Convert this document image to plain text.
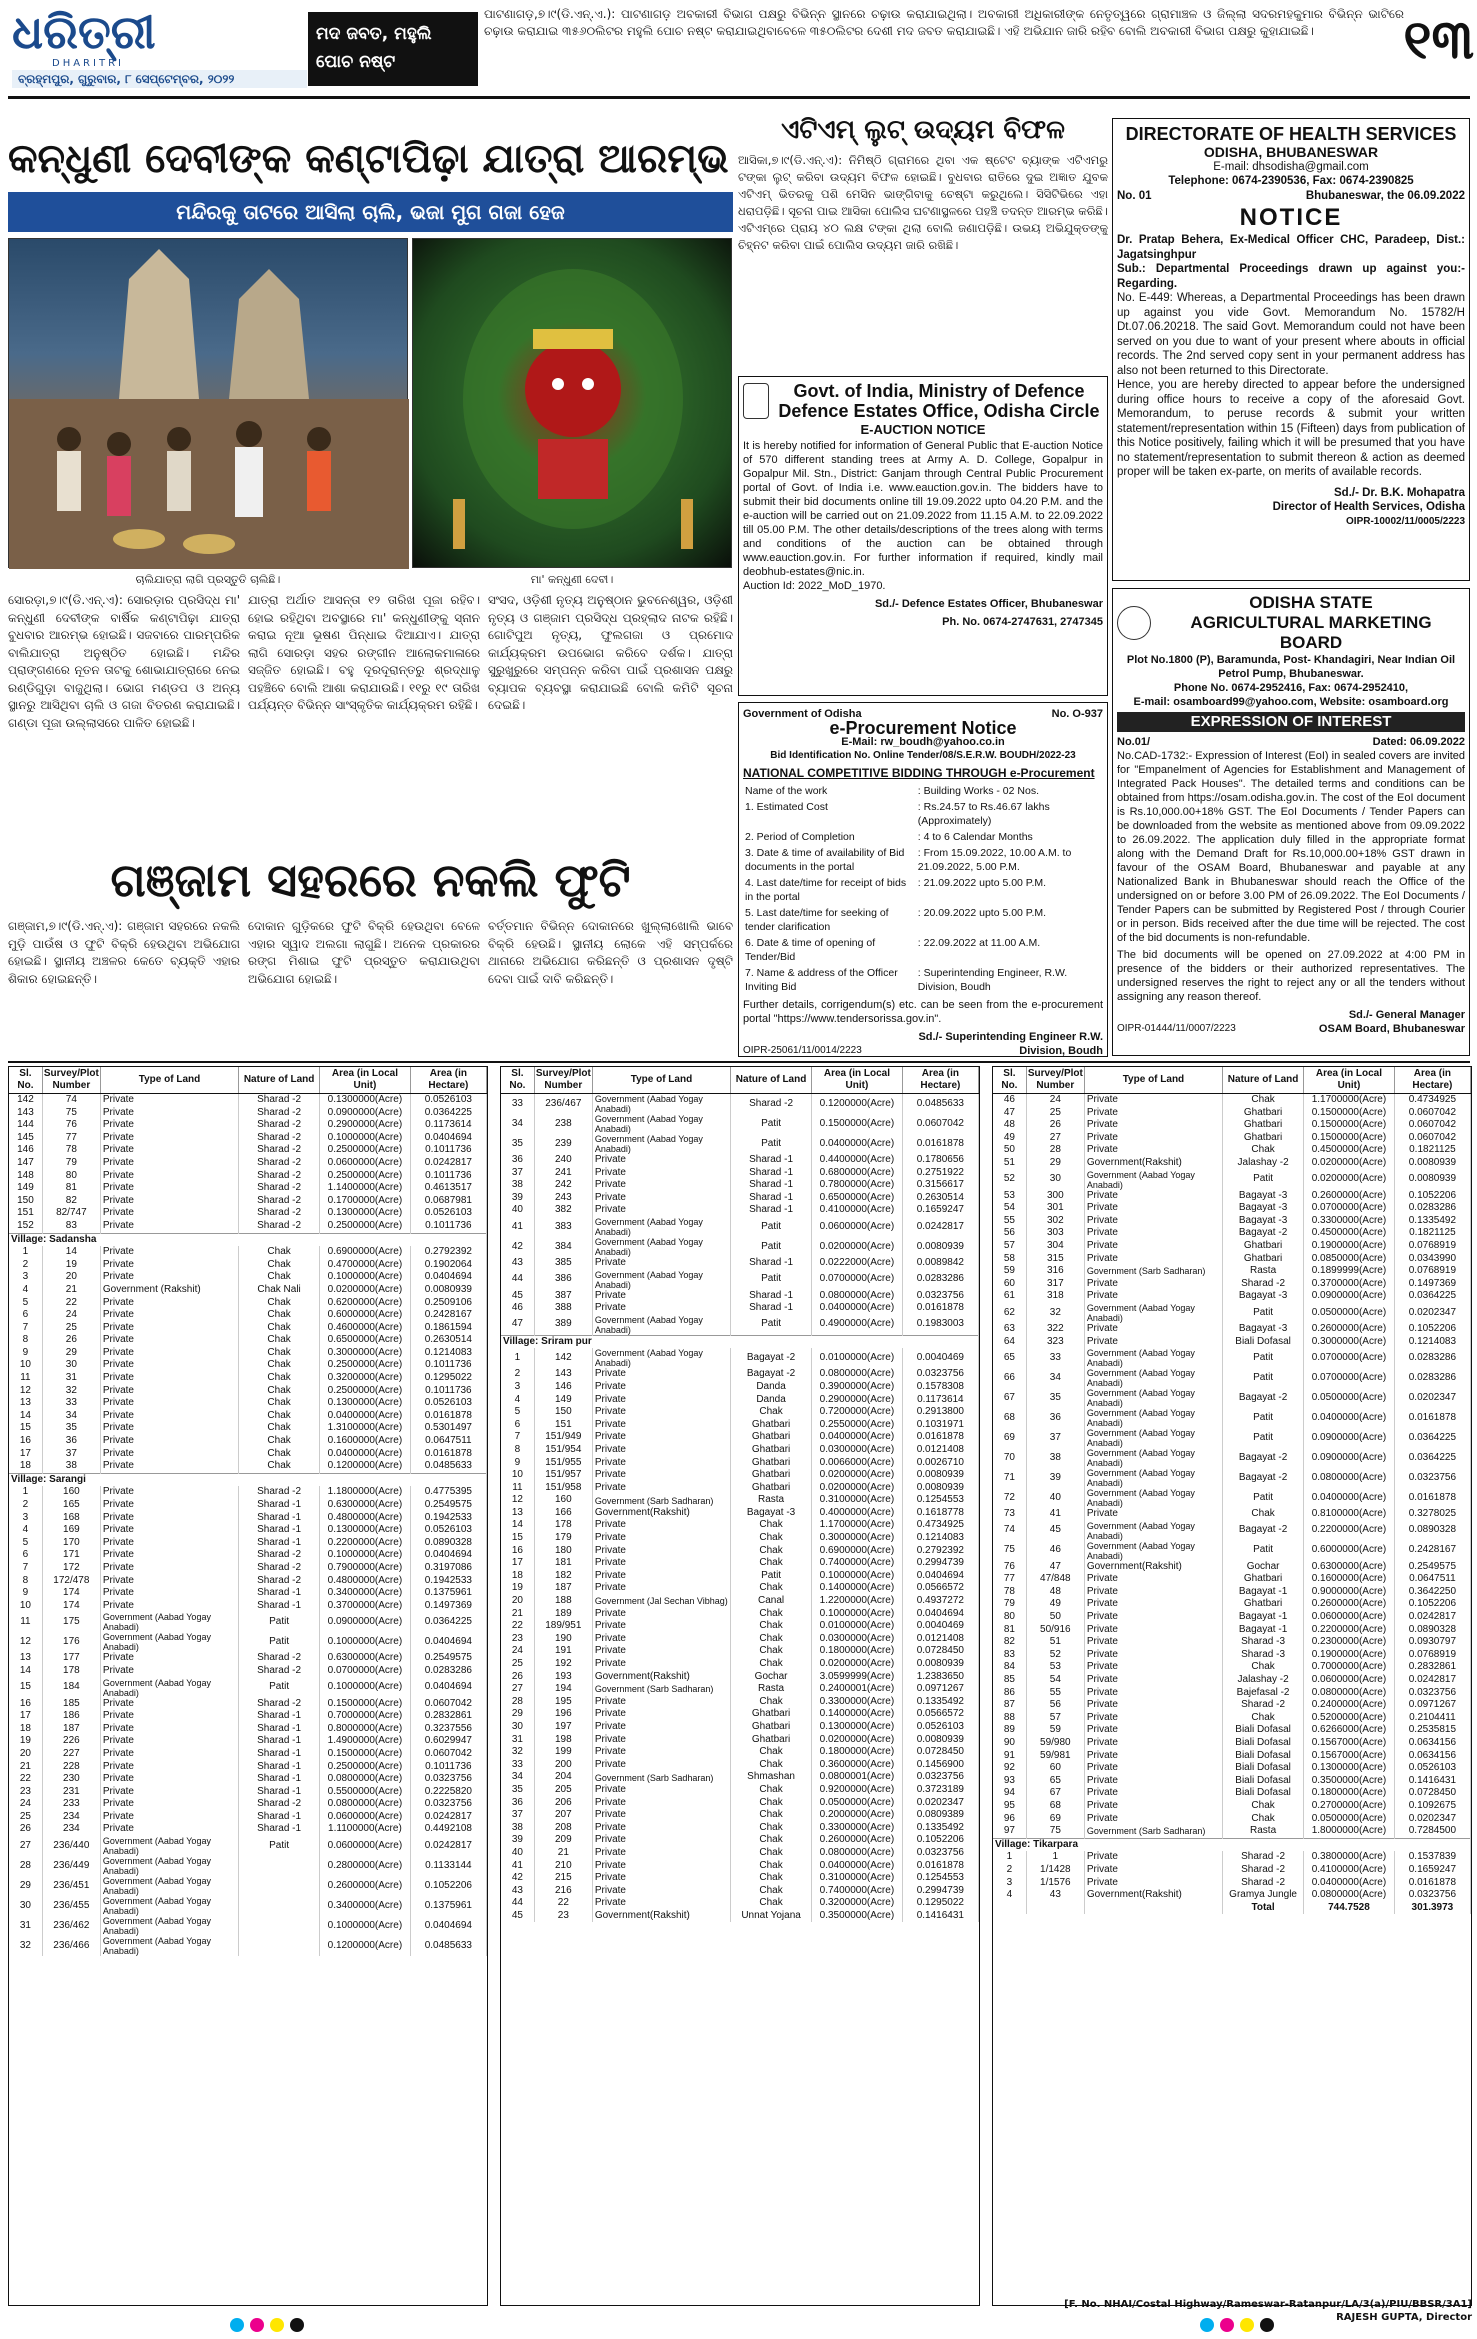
ଧରିତ୍ରୀ
DHARITRI
ବ୍ରହ୍ମପୁର, ଗୁରୁବାର, ୮ ସେପ୍ଟେମ୍ବର, ୨୦୨୨
ମଦ ଜବତ, ମହୁଲି ପୋଚ ନଷ୍ଟ
ପାଟଣାଗଡ଼,୭।୯(ଡି.ଏନ୍.ଏ.): ପାଟଣାଗଡ଼ ଅବକାରୀ ବିଭାଗ ପକ୍ଷରୁ ବିଭିନ୍ନ ସ୍ଥାନରେ ଚଢ଼ାଉ କରାଯାଇଥିଲା। ଅବକାରୀ ଅଧିକାରୀଙ୍କ ନେତୃତ୍ୱରେ ଗ୍ରାମାଞ୍ଚଳ ଓ ଜିଲ୍ଲା ସଦରମହକୁମାର ବିଭିନ୍ନ ଭାଟିରେ ଚଢ଼ାଉ କରାଯାଇ ୩୫୬୦ଲିଟର ମହୁଲି ପୋଚ ନଷ୍ଟ କରାଯାଇଥିବାବେଳେ ୩୫୦ଲିଟର ଦେଶୀ ମଦ ଜବତ କରାଯାଇଛି। ଏହି ଅଭିଯାନ ଜାରି ରହିବ ବୋଲି ଅବକାରୀ ବିଭାଗ ପକ୍ଷରୁ କୁହାଯାଇଛି।	୧୩
କନ୍ଧୁଣୀ ଦେବୀଙ୍କ କଣ୍ଟାପିଢ଼ା ଯାତ୍ରା ଆରମ୍ଭ
ମନ୍ଦିରକୁ ତାଟରେ ଆସିଲା ଚାଲି, ଭଜା ମୁଗ ଗଜା ହେଜ
ଚାଲିଯାତ୍ରା ଲାଗି ପ୍ରସ୍ତୁତି ଚାଲିଛି।	ମା' କନ୍ଧୁଣୀ ଦେବୀ।
ସୋରଡ଼ା,୭।୯(ଡି.ଏନ୍.ଏ): ସୋରଡ଼ାର ପ୍ରସିଦ୍ଧ ମା' କନ୍ଧୁଣୀ ଦେବୀଙ୍କ ବାର୍ଷିକ କଣ୍ଟାପିଢ଼ା ଯାତ୍ରା ବୁଧବାର ଆରମ୍ଭ ହୋଇଛି। ସଜବାରେ ପାରମ୍ପରିକ ବାଲିଯାତ୍ରା ଅନୁଷ୍ଠିତ ହୋଇଛି। ମନ୍ଦିର ପ୍ରାଙ୍ଗଣରେ ନୂତନ ତାଟକୁ ଶୋଭାଯାତ୍ରାରେ ନେଇ ରଣ୍ଡିଗୁଡ଼ା ବାଜୁଥିଲା। ଭୋଗ ମଣ୍ଡପ ଓ ଅନ୍ୟ ସ୍ଥାନରୁ ଆସିଥିବା ଚାଲି ଓ ଗଜା ବିତରଣ କରାଯାଇଛି। ଗଣ୍ଡା ପୂଜା ଉଲ୍ଲାସରେ ପାଳିତ ହୋଇଛି।
ଯାତ୍ରା ଅର୍ଥାତ ଆସନ୍ତା ୧୨ ତାରିଖ ପୂଜା ରହିବ। ହୋଇ ରହିଥିବା ଅବସ୍ଥାରେ ମା' କନ୍ଧୁଣୀଙ୍କୁ ସ୍ନାନ କରାଇ ନୂଆ ଭୂଷଣ ପିନ୍ଧାଇ ଦିଆଯାଏ। ଯାତ୍ରା ଲାଗି ସୋରଡ଼ା ସହର ରଙ୍ଗୀନ ଆଲୋକମାଳାରେ ସଜ୍ଜିତ ହୋଇଛି। ବହୁ ଦୂରଦୂରାନ୍ତରୁ ଶ୍ରଦ୍ଧାଳୁ ପହଞ୍ଚିବେ ବୋଲି ଆଶା କରାଯାଉଛି। ୧୧ରୁ ୧୯ ତାରିଖ ପର୍ଯ୍ୟନ୍ତ ବିଭିନ୍ନ ସାଂସ୍କୃତିକ କାର୍ଯ୍ୟକ୍ରମ ରହିଛି।
ସଂସଦ, ଓଡ଼ିଶୀ ନୃତ୍ୟ ଅନୁଷ୍ଠାନ ଭୁବନେଶ୍ୱର, ଓଡ଼ିଶୀ ନୃତ୍ୟ ଓ ଗଞ୍ଜାମ ପ୍ରସିଦ୍ଧ ପ୍ରହ୍ଲାଦ ନାଟକ ରହିଛି। ଗୋଟିପୁଅ ନୃତ୍ୟ, ଫୁଲଗଜା ଓ ପ୍ରମୋଦ କାର୍ଯ୍ୟକ୍ରମ ଉପଭୋଗ କରିବେ ଦର୍ଶକ। ଯାତ୍ରା ସୁରୁଖୁରୁରେ ସମ୍ପନ୍ନ କରିବା ପାଇଁ ପ୍ରଶାସନ ପକ୍ଷରୁ ବ୍ୟାପକ ବ୍ୟବସ୍ଥା କରାଯାଇଛି ବୋଲି କମିଟି ସୂଚନା ଦେଇଛି।
ଗଞ୍ଜାମ ସହରରେ ନକଲି ଫୁଟି
ଗଞ୍ଜାମ,୭।୯(ଡି.ଏନ୍.ଏ): ଗଞ୍ଜାମ ସହରରେ ନକଲି ମୁଡ଼ି ପାଉଁଷ ଓ ଫୁଟି ବିକ୍ରି ହେଉଥିବା ଅଭିଯୋଗ ହୋଇଛି। ସ୍ଥାନୀୟ ଅଞ୍ଚଳର କେତେ ବ୍ୟକ୍ତି ଏହାର ଶିକାର ହୋଇଛନ୍ତି।
ଦୋକାନ ଗୁଡ଼ିକରେ ଫୁଟି ବିକ୍ରି ହେଉଥିବା ବେଳେ ଏହାର ସ୍ୱାଦ ଅଲଗା ଲାଗୁଛି। ଅନେକ ପ୍ରକାରର ରଙ୍ଗ ମିଶାଇ ଫୁଟି ପ୍ରସ୍ତୁତ କରାଯାଉଥିବା ଅଭିଯୋଗ ହୋଇଛି।
ବର୍ତ୍ତମାନ ବିଭିନ୍ନ ଦୋକାନରେ ଖୁଲ୍ଲାଖୋଲି ଭାବେ ବିକ୍ରି ହେଉଛି। ସ୍ଥାନୀୟ ଲୋକେ ଏହି ସମ୍ପର୍କରେ ଥାନାରେ ଅଭିଯୋଗ କରିଛନ୍ତି ଓ ପ୍ରଶାସନ ଦୃଷ୍ଟି ଦେବା ପାଇଁ ଦାବି କରିଛନ୍ତି।
ଏଟିଏମ୍ ଲୁଟ୍ ଉଦ୍ୟମ ବିଫଳ
ଆସିକା,୭।୯(ଡି.ଏନ୍.ଏ): ନିମିଷ୍ଠି ଗ୍ରାମରେ ଥିବା ଏକ ଷ୍ଟେଟ ବ୍ୟାଙ୍କ ଏଟିଏମରୁ ଟଙ୍କା ଲୁଟ୍ କରିବା ଉଦ୍ୟମ ବିଫଳ ହୋଇଛି। ବୁଧବାର ରାତିରେ ଦୁଇ ଅଜ୍ଞାତ ଯୁବକ ଏଟିଏମ୍ ଭିତରକୁ ପଶି ମେସିନ ଭାଙ୍ଗିବାକୁ ଚେଷ୍ଟା କରୁଥିଲେ। ସିସିଟିଭିରେ ଏହା ଧରାପଡ଼ିଛି। ସୂଚନା ପାଇ ଆସିକା ପୋଲିସ ଘଟଣାସ୍ଥଳରେ ପହଞ୍ଚି ତଦନ୍ତ ଆରମ୍ଭ କରିଛି। ଏଟିଏମ୍‌ରେ ପ୍ରାୟ ୪୦ ଲକ୍ଷ ଟଙ୍କା ଥିଲା ବୋଲି ଜଣାପଡ଼ିଛି। ଉଭୟ ଅଭିଯୁକ୍ତଙ୍କୁ ଚିହ୍ନଟ କରିବା ପାଇଁ ପୋଲିସ ଉଦ୍ୟମ ଜାରି ରଖିଛି।
Govt. of India, Ministry of Defence
Defence Estates Office, Odisha Circle
E-AUCTION NOTICE

It is hereby notified for information of General Public that E-auction Notice of 570 different standing trees at Army A. D. College, Gopalpur in Gopalpur Mil. Stn., District: Ganjam through Central Public Procurement portal of Govt. of India i.e. www.eauction.gov.in. The bidders have to submit their bid documents online till 19.09.2022 upto 04.20 P.M. and the e-auction will be carried out on 21.09.2022 from 11.15 A.M. to 22.09.2022 till 05.00 P.M. The other details/descriptions of the trees along with terms and conditions of the auction can be obtained through www.eauction.gov.in. For further information if required, kindly mail deobhub-estates@nic.in.

Auction Id: 2022_MoD_1970.

Sd./- Defence Estates Officer, Bhubaneswar
Ph. No. 0674-2747631, 2747345
Government of Odisha	No. O-937
e-Procurement Notice
E-Mail: rw_boudh@yahoo.co.in
Bid Identification No. Online Tender/08/S.E.R.W. BOUDH/2022-23
NATIONAL COMPETITIVE BIDDING THROUGH e-Procurement
Name of the work	: Building Works - 02 Nos.
1. Estimated Cost	: Rs.24.57 to Rs.46.67 lakhs (Approximately)
2. Period of Completion	: 4 to 6 Calendar Months
3. Date & time of availability of Bid documents in the portal	: From 15.09.2022, 10.00 A.M. to 21.09.2022, 5.00 P.M.
4. Last date/time for receipt of bids in the portal	: 21.09.2022 upto 5.00 P.M.
5. Last date/time for seeking of tender clarification	: 20.09.2022 upto 5.00 P.M.
6. Date & time of opening of Tender/Bid	: 22.09.2022 at 11.00 A.M.
7. Name & address of the Officer Inviting Bid	: Superintending Engineer, R.W. Division, Boudh

Further details, corrigendum(s) etc. can be seen from the e-procurement portal "https://www.tendersorissa.gov.in".

OIPR-25061/11/0014/2223
Sd./- Superintending Engineer R.W. Division, Boudh
DIRECTORATE OF HEALTH SERVICES
ODISHA, BHUBANESWAR
E-mail: dhsodisha@gmail.com
Telephone: 0674-2390536, Fax: 0674-2390825
No. 01	Bhubaneswar, the 06.09.2022
NOTICE

Dr. Pratap Behera, Ex-Medical Officer CHC, Paradeep, Dist.: Jagatsinghpur

Sub.: Departmental Proceedings drawn up against you:- Regarding.

No. E-449: Whereas, a Departmental Proceedings has been drawn up against you vide Govt. Memorandum No. 15782/H Dt.07.06.20218. The said Govt. Memorandum could not have been served on you due to want of your present where abouts in official records. The 2nd served copy sent in your permanent address has also not been returned to this Directorate.

Hence, you are hereby directed to appear before the undersigned during office hours to receive a copy of the aforesaid Govt. Memorandum, to peruse records & submit your written statement/representation within 15 (Fifteen) days from publication of this Notice positively, failing which it will be presumed that you have no statement/representation to submit thereon & action as deemed proper will be taken ex-parte, on merits of available records.

Sd./- Dr. B.K. Mohapatra
Director of Health Services, Odisha
OIPR-10002/11/0005/2223
ODISHA STATE
AGRICULTURAL MARKETING BOARD
Plot No.1800 (P), Baramunda, Post- Khandagiri, Near Indian Oil Petrol Pump, Bhubaneswar.
Phone No. 0674-2952416, Fax: 0674-2952410,
E-mail: osamboard99@yahoo.com, Website: osamboard.org
EXPRESSION OF INTEREST
No.01/	Dated: 06.09.2022

No.CAD-1732:- Expression of Interest (EoI) in sealed covers are invited for "Empanelment of Agencies for Establishment and Management of Integrated Pack Houses". The detailed terms and conditions can be obtained from https://osam.odisha.gov.in. The cost of the EoI document is Rs.10,000.00+18% GST. The EoI Documents / Tender Papers can be downloaded from the website as mentioned above from 09.09.2022 to 26.09.2022. The application duly filled in the appropriate format along with the Demand Draft for Rs.10,000.00+18% GST drawn in favour of the OSAM Board, Bhubaneswar and payable at any Nationalized Bank in Bhubaneswar should reach the Office of the undersigned on or before 3.00 PM of 26.09.2022. The EoI Documents / Tender Papers can be submitted by Registered Post / through Courier or in person. Bids received after the due time will be rejected. The cost of the bid documents is non-refundable.

The bid documents will be opened on 27.09.2022 at 4:00 PM in presence of the bidders or their authorized representatives. The undersigned reserves the right to reject any or all the tenders without assigning any reason thereof.

Sd./- General Manager
OIPR-01444/11/0007/2223	OSAM Board, Bhubaneswar
Sl. No.	Survey/Plot Number	Type of Land	Nature of Land	Area (in Local Unit)	Area (in Hectare)
142	74	Private	Sharad -2	0.1300000(Acre)	0.0526103
143	75	Private	Sharad -2	0.0900000(Acre)	0.0364225
144	76	Private	Sharad -2	0.2900000(Acre)	0.1173614
145	77	Private	Sharad -2	0.1000000(Acre)	0.0404694
146	78	Private	Sharad -2	0.2500000(Acre)	0.1011736
147	79	Private	Sharad -2	0.0600000(Acre)	0.0242817
148	80	Private	Sharad -2	0.2500000(Acre)	0.1011736
149	81	Private	Sharad -2	1.1400000(Acre)	0.4613517
150	82	Private	Sharad -2	0.1700000(Acre)	0.0687981
151	82/747	Private	Sharad -2	0.1300000(Acre)	0.0526103
152	83	Private	Sharad -2	0.2500000(Acre)	0.1011736
Village: Sadansha					
1	14	Private	Chak	0.6900000(Acre)	0.2792392
2	19	Private	Chak	0.4700000(Acre)	0.1902064
3	20	Private	Chak	0.1000000(Acre)	0.0404694
4	21	Government (Rakshit)	Chak Nali	0.0200000(Acre)	0.0080939
5	22	Private	Chak	0.6200000(Acre)	0.2509106
6	24	Private	Chak	0.6000000(Acre)	0.2428167
7	25	Private	Chak	0.4600000(Acre)	0.1861594
8	26	Private	Chak	0.6500000(Acre)	0.2630514
9	29	Private	Chak	0.3000000(Acre)	0.1214083
10	30	Private	Chak	0.2500000(Acre)	0.1011736
11	31	Private	Chak	0.3200000(Acre)	0.1295022
12	32	Private	Chak	0.2500000(Acre)	0.1011736
13	33	Private	Chak	0.1300000(Acre)	0.0526103
14	34	Private	Chak	0.0400000(Acre)	0.0161878
15	35	Private	Chak	1.3100000(Acre)	0.5301497
16	36	Private	Chak	0.1600000(Acre)	0.0647511
17	37	Private	Chak	0.0400000(Acre)	0.0161878
18	38	Private	Chak	0.1200000(Acre)	0.0485633
Village: Sarangi					
1	160	Private	Sharad -2	1.1800000(Acre)	0.4775395
2	165	Private	Sharad -1	0.6300000(Acre)	0.2549575
3	168	Private	Sharad -1	0.4800000(Acre)	0.1942533
4	169	Private	Sharad -1	0.1300000(Acre)	0.0526103
5	170	Private	Sharad -1	0.2200000(Acre)	0.0890328
6	171	Private	Sharad -2	0.1000000(Acre)	0.0404694
7	172	Private	Sharad -2	0.7900000(Acre)	0.3197086
8	172/478	Private	Sharad -2	0.4800000(Acre)	0.1942533
9	174	Private	Sharad -1	0.3400000(Acre)	0.1375961
10	174	Private	Sharad -1	0.3700000(Acre)	0.1497369
11	175	Government (Aabad Yogay Anabadi)	Patit	0.0900000(Acre)	0.0364225
12	176	Government (Aabad Yogay Anabadi)	Patit	0.1000000(Acre)	0.0404694
13	177	Private	Sharad -2	0.6300000(Acre)	0.2549575
14	178	Private	Sharad -2	0.0700000(Acre)	0.0283286
15	184	Government (Aabad Yogay Anabadi)	Patit	0.1000000(Acre)	0.0404694
16	185	Private	Sharad -2	0.1500000(Acre)	0.0607042
17	186	Private	Sharad -1	0.7000000(Acre)	0.2832861
18	187	Private	Sharad -1	0.8000000(Acre)	0.3237556
19	226	Private	Sharad -1	1.4900000(Acre)	0.6029947
20	227	Private	Sharad -1	0.1500000(Acre)	0.0607042
21	228	Private	Sharad -1	0.2500000(Acre)	0.1011736
22	230	Private	Sharad -1	0.0800000(Acre)	0.0323756
23	231	Private	Sharad -1	0.5500000(Acre)	0.2225820
24	233	Private	Sharad -2	0.0800000(Acre)	0.0323756
25	234	Private	Sharad -1	0.0600000(Acre)	0.0242817
26	234	Private	Sharad -1	1.1100000(Acre)	0.4492108
27	236/440	Government (Aabad Yogay Anabadi)	Patit	0.0600000(Acre)	0.0242817
28	236/449	Government (Aabad Yogay Anabadi)		0.2800000(Acre)	0.1133144
29	236/451	Government (Aabad Yogay Anabadi)		0.2600000(Acre)	0.1052206
30	236/455	Government (Aabad Yogay Anabadi)		0.3400000(Acre)	0.1375961
31	236/462	Government (Aabad Yogay Anabadi)		0.1000000(Acre)	0.0404694
32	236/466	Government (Aabad Yogay Anabadi)		0.1200000(Acre)	0.0485633
Sl. No.	Survey/Plot Number	Type of Land	Nature of Land	Area (in Local Unit)	Area (in Hectare)
33	236/467	Government (Aabad Yogay Anabadi)	Sharad -2	0.1200000(Acre)	0.0485633
34	238	Government (Aabad Yogay Anabadi)	Patit	0.1500000(Acre)	0.0607042
35	239	Government (Aabad Yogay Anabadi)	Patit	0.0400000(Acre)	0.0161878
36	240	Private	Sharad -1	0.4400000(Acre)	0.1780656
37	241	Private	Sharad -1	0.6800000(Acre)	0.2751922
38	242	Private	Sharad -1	0.7800000(Acre)	0.3156617
39	243	Private	Sharad -1	0.6500000(Acre)	0.2630514
40	382	Private	Sharad -1	0.4100000(Acre)	0.1659247
41	383	Government (Aabad Yogay Anabadi)	Patit	0.0600000(Acre)	0.0242817
42	384	Government (Aabad Yogay Anabadi)	Patit	0.0200000(Acre)	0.0080939
43	385	Private	Sharad -1	0.0222000(Acre)	0.0089842
44	386	Government (Aabad Yogay Anabadi)	Patit	0.0700000(Acre)	0.0283286
45	387	Private	Sharad -1	0.0800000(Acre)	0.0323756
46	388	Private	Sharad -1	0.0400000(Acre)	0.0161878
47	389	Government (Aabad Yogay Anabadi)	Patit	0.4900000(Acre)	0.1983003
Village: Sriram pur					
1	142	Government (Aabad Yogay Anabadi)	Bagayat -2	0.0100000(Acre)	0.0040469
2	143	Private	Bagayat -2	0.0800000(Acre)	0.0323756
3	146	Private	Danda	0.3900000(Acre)	0.1578308
4	149	Private	Danda	0.2900000(Acre)	0.1173614
5	150	Private	Chak	0.7200000(Acre)	0.2913800
6	151	Private	Ghatbari	0.2550000(Acre)	0.1031971
7	151/949	Private	Ghatbari	0.0400000(Acre)	0.0161878
8	151/954	Private	Ghatbari	0.0300000(Acre)	0.0121408
9	151/955	Private	Ghatbari	0.0066000(Acre)	0.0026710
10	151/957	Private	Ghatbari	0.0200000(Acre)	0.0080939
11	151/958	Private	Ghatbari	0.0200000(Acre)	0.0080939
12	160	Government (Sarb Sadharan)	Rasta	0.3100000(Acre)	0.1254553
13	166	Government(Rakshit)	Bagayat -3	0.4000000(Acre)	0.1618778
14	178	Private	Chak	1.1700000(Acre)	0.4734925
15	179	Private	Chak	0.3000000(Acre)	0.1214083
16	180	Private	Chak	0.6900000(Acre)	0.2792392
17	181	Private	Chak	0.7400000(Acre)	0.2994739
18	182	Private	Patit	0.1000000(Acre)	0.0404694
19	187	Private	Chak	0.1400000(Acre)	0.0566572
20	188	Government (Jal Sechan Vibhag)	Canal	1.2200000(Acre)	0.4937272
21	189	Private	Chak	0.1000000(Acre)	0.0404694
22	189/951	Private	Chak	0.0100000(Acre)	0.0040469
23	190	Private	Chak	0.0300000(Acre)	0.0121408
24	191	Private	Chak	0.1800000(Acre)	0.0728450
25	192	Private	Chak	0.0200000(Acre)	0.0080939
26	193	Government(Rakshit)	Gochar	3.0599999(Acre)	1.2383650
27	194	Government (Sarb Sadharan)	Rasta	0.2400001(Acre)	0.0971267
28	195	Private	Chak	0.3300000(Acre)	0.1335492
29	196	Private	Ghatbari	0.1400000(Acre)	0.0566572
30	197	Private	Ghatbari	0.1300000(Acre)	0.0526103
31	198	Private	Ghatbari	0.0200000(Acre)	0.0080939
32	199	Private	Chak	0.1800000(Acre)	0.0728450
33	200	Private	Chak	0.3600000(Acre)	0.1456900
34	204	Government (Sarb Sadharan)	Shmashan	0.0800001(Acre)	0.0323756
35	205	Private	Chak	0.9200000(Acre)	0.3723189
36	206	Private	Chak	0.0500000(Acre)	0.0202347
37	207	Private	Chak	0.2000000(Acre)	0.0809389
38	208	Private	Chak	0.3300000(Acre)	0.1335492
39	209	Private	Chak	0.2600000(Acre)	0.1052206
40	21	Private	Chak	0.0800000(Acre)	0.0323756
41	210	Private	Chak	0.0400000(Acre)	0.0161878
42	215	Private	Chak	0.3100000(Acre)	0.1254553
43	216	Private	Chak	0.7400000(Acre)	0.2994739
44	22	Private	Chak	0.3200000(Acre)	0.1295022
45	23	Government(Rakshit)	Unnat Yojana	0.3500000(Acre)	0.1416431
Sl. No.	Survey/Plot Number	Type of Land	Nature of Land	Area (in Local Unit)	Area (in Hectare)
46	24	Private	Chak	1.1700000(Acre)	0.4734925
47	25	Private	Ghatbari	0.1500000(Acre)	0.0607042
48	26	Private	Ghatbari	0.1500000(Acre)	0.0607042
49	27	Private	Ghatbari	0.1500000(Acre)	0.0607042
50	28	Private	Chak	0.4500000(Acre)	0.1821125
51	29	Government(Rakshit)	Jalashay -2	0.0200000(Acre)	0.0080939
52	30	Government (Aabad Yogay Anabadi)	Patit	0.0200000(Acre)	0.0080939
53	300	Private	Bagayat -3	0.2600000(Acre)	0.1052206
54	301	Private	Bagayat -3	0.0700000(Acre)	0.0283286
55	302	Private	Bagayat -3	0.3300000(Acre)	0.1335492
56	303	Private	Bagayat -2	0.4500000(Acre)	0.1821125
57	304	Private	Ghatbari	0.1900000(Acre)	0.0768919
58	315	Private	Ghatbari	0.0850000(Acre)	0.0343990
59	316	Government (Sarb Sadharan)	Rasta	0.1899999(Acre)	0.0768919
60	317	Private	Sharad -2	0.3700000(Acre)	0.1497369
61	318	Private	Bagayat -3	0.0900000(Acre)	0.0364225
62	32	Government (Aabad Yogay Anabadi)	Patit	0.0500000(Acre)	0.0202347
63	322	Private	Bagayat -3	0.2600000(Acre)	0.1052206
64	323	Private	Biali Dofasal	0.3000000(Acre)	0.1214083
65	33	Government (Aabad Yogay Anabadi)	Patit	0.0700000(Acre)	0.0283286
66	34	Government (Aabad Yogay Anabadi)	Patit	0.0700000(Acre)	0.0283286
67	35	Government (Aabad Yogay Anabadi)	Bagayat -2	0.0500000(Acre)	0.0202347
68	36	Government (Aabad Yogay Anabadi)	Patit	0.0400000(Acre)	0.0161878
69	37	Government (Aabad Yogay Anabadi)	Patit	0.0900000(Acre)	0.0364225
70	38	Government (Aabad Yogay Anabadi)	Bagayat -2	0.0900000(Acre)	0.0364225
71	39	Government (Aabad Yogay Anabadi)	Bagayat -2	0.0800000(Acre)	0.0323756
72	40	Government (Aabad Yogay Anabadi)	Patit	0.0400000(Acre)	0.0161878
73	41	Private	Chak	0.8100000(Acre)	0.3278025
74	45	Government (Aabad Yogay Anabadi)	Bagayat -2	0.2200000(Acre)	0.0890328
75	46	Government (Aabad Yogay Anabadi)	Patit	0.6000000(Acre)	0.2428167
76	47	Government(Rakshit)	Gochar	0.6300000(Acre)	0.2549575
77	47/848	Private	Ghatbari	0.1600000(Acre)	0.0647511
78	48	Private	Bagayat -1	0.9000000(Acre)	0.3642250
79	49	Private	Ghatbari	0.2600000(Acre)	0.1052206
80	50	Private	Bagayat -1	0.0600000(Acre)	0.0242817
81	50/916	Private	Bagayat -1	0.2200000(Acre)	0.0890328
82	51	Private	Sharad -3	0.2300000(Acre)	0.0930797
83	52	Private	Sharad -3	0.1900000(Acre)	0.0768919
84	53	Private	Chak	0.7000000(Acre)	0.2832861
85	54	Private	Jalashay -2	0.0600000(Acre)	0.0242817
86	55	Private	Bajefasal -2	0.0800000(Acre)	0.0323756
87	56	Private	Sharad -2	0.2400000(Acre)	0.0971267
88	57	Private	Chak	0.5200000(Acre)	0.2104411
89	59	Private	Biali Dofasal	0.6266000(Acre)	0.2535815
90	59/980	Private	Biali Dofasal	0.1567000(Acre)	0.0634156
91	59/981	Private	Biali Dofasal	0.1567000(Acre)	0.0634156
92	60	Private	Biali Dofasal	0.1300000(Acre)	0.0526103
93	65	Private	Biali Dofasal	0.3500000(Acre)	0.1416431
94	67	Private	Biali Dofasal	0.1800000(Acre)	0.0728450
95	68	Private	Chak	0.2700000(Acre)	0.1092675
96	69	Private	Chak	0.0500000(Acre)	0.0202347
97	75	Government (Sarb Sadharan)	Rasta	1.8000000(Acre)	0.7284500
Village: Tikarpara					
1	1	Private	Sharad -2	0.3800000(Acre)	0.1537839
2	1/1428	Private	Sharad -2	0.4100000(Acre)	0.1659247
3	1/1576	Private	Sharad -2	0.0400000(Acre)	0.0161878
4	43	Government(Rakshit)	Gramya Jungle	0.0800000(Acre)	0.0323756
			Total	744.7528	301.3973
[F. No. NHAI/Costal Highway/Rameswar-Ratanpur/LA/3(a)/PIU/BBSR/3A1]
RAJESH GUPTA, Director
